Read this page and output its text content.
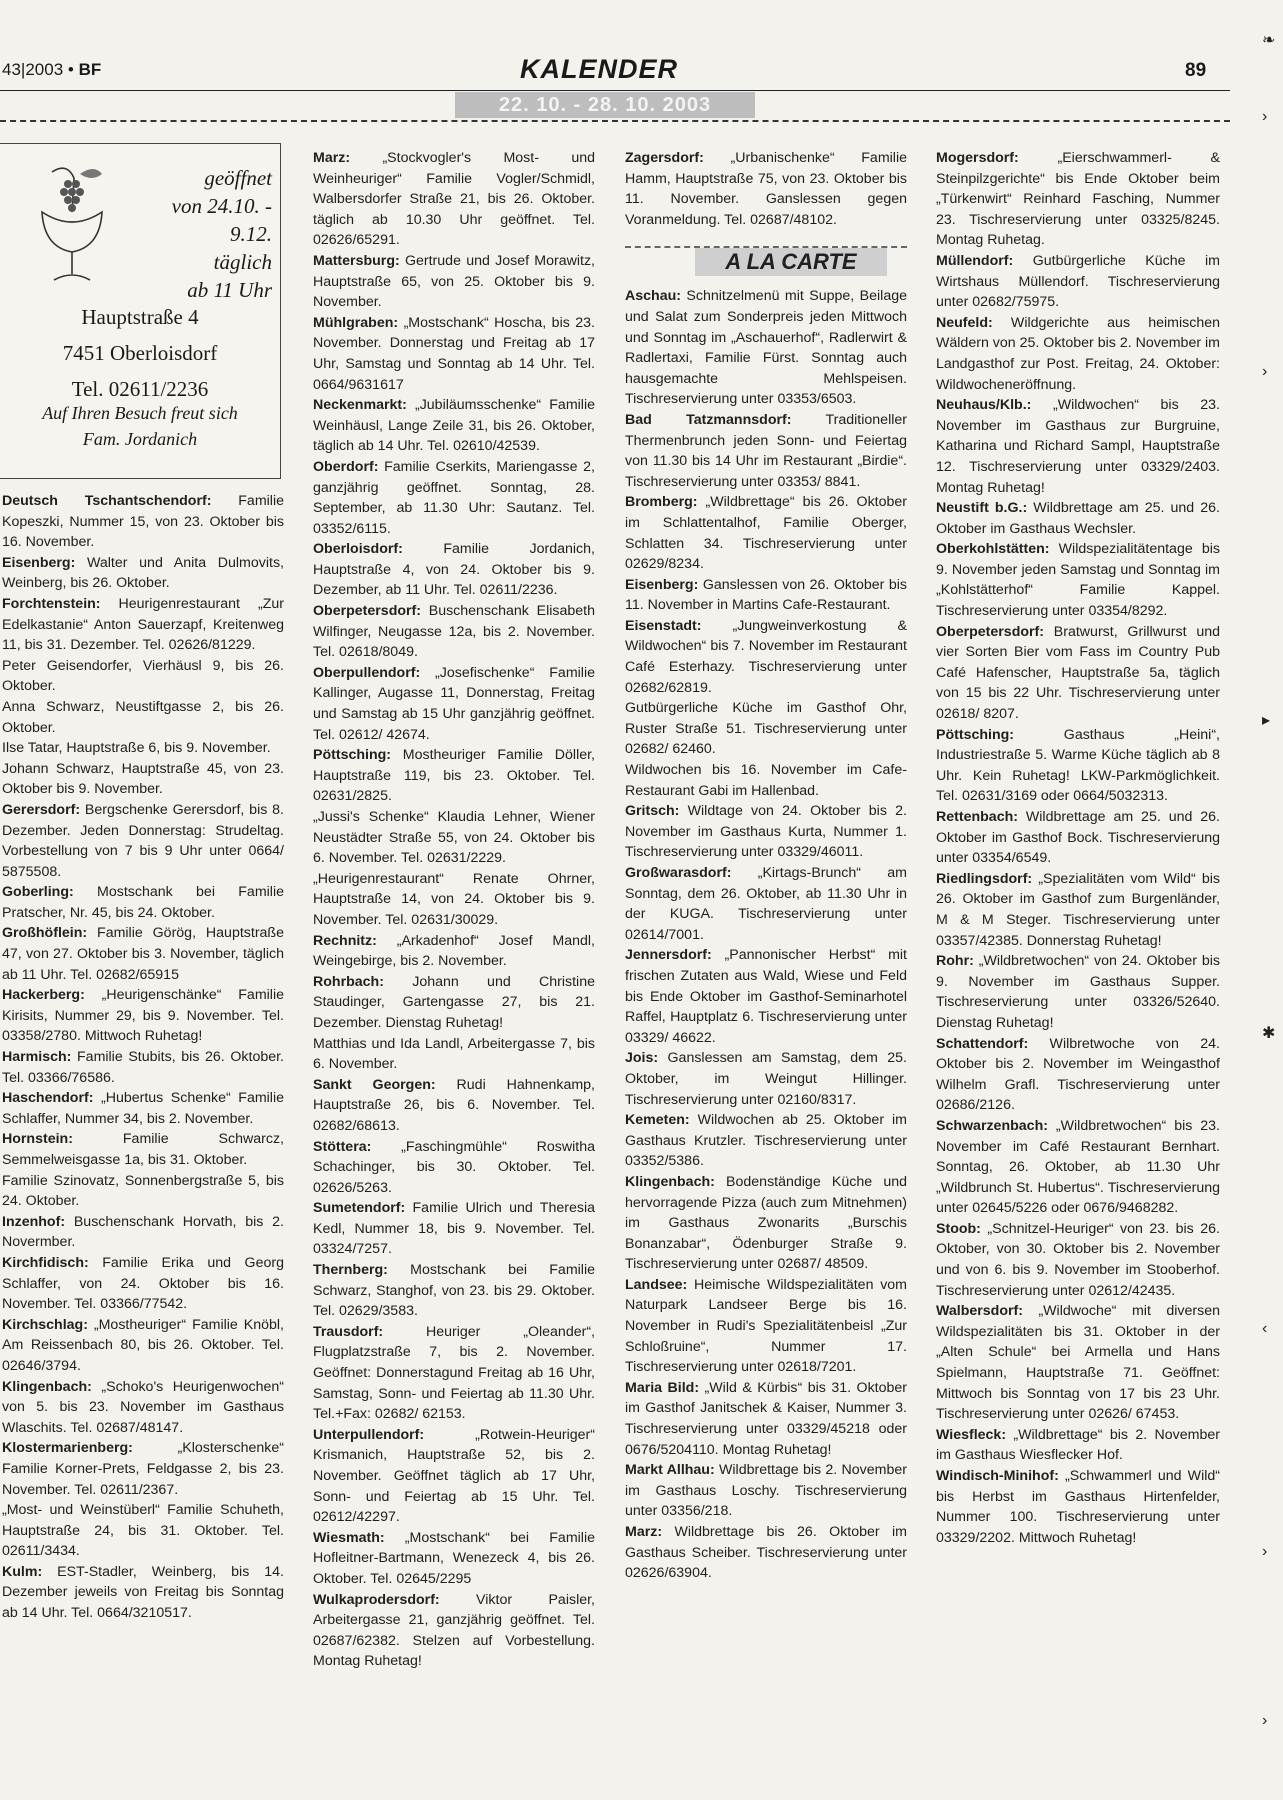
43|2003 • BF	KALENDER	89
22. 10. - 28. 10. 2003
geöffnet
von 24.10. -
9.12.
täglich
ab 11 Uhr
Hauptstraße 4
7451 Oberloisdorf
Tel. 02611/2236
Auf Ihren Besuch freut sich
Fam. Jordanich
Deutsch Tschantschendorf: Familie Kopeszki, Nummer 15, von 23. Oktober bis 16. November.
Eisenberg: Walter und Anita Dulmovits, Weinberg, bis 26. Oktober.
Forchtenstein: Heurigenrestaurant „Zur Edelkastanie“ Anton Sauerzapf, Kreitenweg 11, bis 31. Dezember. Tel. 02626/81229.
Peter Geisendorfer, Vierhäusl 9, bis 26. Oktober.
Anna Schwarz, Neustiftgasse 2, bis 26. Oktober.
Ilse Tatar, Hauptstraße 6, bis 9. November.
Johann Schwarz, Hauptstraße 45, von 23. Oktober bis 9. November.
Gerersdorf: Bergschenke Gerersdorf, bis 8. Dezember. Jeden Donnerstag: Strudeltag. Vorbestellung von 7 bis 9 Uhr unter 0664/ 5875508.
Goberling: Mostschank bei Familie Pratscher, Nr. 45, bis 24. Oktober.
Großhöflein: Familie Görög, Hauptstraße 47, von 27. Oktober bis 3. November, täglich ab 11 Uhr. Tel. 02682/65915
Hackerberg: „Heurigenschänke“ Familie Kirisits, Nummer 29, bis 9. November. Tel. 03358/2780. Mittwoch Ruhetag!
Harmisch: Familie Stubits, bis 26. Oktober. Tel. 03366/76586.
Haschendorf: „Hubertus Schenke“ Familie Schlaffer, Nummer 34, bis 2. November.
Hornstein: Familie Schwarcz, Semmelweisgasse 1a, bis 31. Oktober.
Familie Szinovatz, Sonnenbergstraße 5, bis 24. Oktober.
Inzenhof: Buschenschank Horvath, bis 2. Novermber.
Kirchfidisch: Familie Erika und Georg Schlaffer, von 24. Oktober bis 16. November. Tel. 03366/77542.
Kirchschlag: „Mostheuriger“ Familie Knöbl, Am Reissenbach 80, bis 26. Oktober. Tel. 02646/3794.
Klingenbach: „Schoko's Heurigenwochen“ von 5. bis 23. November im Gasthaus Wlaschits. Tel. 02687/48147.
Klostermarienberg: „Klosterschenke“ Familie Korner-Prets, Feldgasse 2, bis 23. November. Tel. 02611/2367.
„Most- und Weinstüberl“ Familie Schuheth, Hauptstraße 24, bis 31. Oktober. Tel. 02611/3434.
Kulm: EST-Stadler, Weinberg, bis 14. Dezember jeweils von Freitag bis Sonntag ab 14 Uhr. Tel. 0664/3210517.
Marz: „Stockvogler's Most- und Weinheuriger“ Familie Vogler/Schmidl, Walbersdorfer Straße 21, bis 26. Oktober. täglich ab 10.30 Uhr geöffnet. Tel. 02626/65291.
Mattersburg: Gertrude und Josef Morawitz, Hauptstraße 65, von 25. Oktober bis 9. November.
Mühlgraben: „Mostschank“ Hoscha, bis 23. November. Donnerstag und Freitag ab 17 Uhr, Samstag und Sonntag ab 14 Uhr. Tel. 0664/9631617
Neckenmarkt: „Jubiläumsschenke“ Familie Weinhäusl, Lange Zeile 31, bis 26. Oktober, täglich ab 14 Uhr. Tel. 02610/42539.
Oberdorf: Familie Cserkits, Mariengasse 2, ganzjährig geöffnet. Sonntag, 28. September, ab 11.30 Uhr: Sautanz. Tel. 03352/6115.
Oberloisdorf: Familie Jordanich, Hauptstraße 4, von 24. Oktober bis 9. Dezember, ab 11 Uhr. Tel. 02611/2236.
Oberpetersdorf: Buschenschank Elisabeth Wilfinger, Neugasse 12a, bis 2. November. Tel. 02618/8049.
Oberpullendorf: „Josefischenke“ Familie Kallinger, Augasse 11, Donnerstag, Freitag und Samstag ab 15 Uhr ganzjährig geöffnet. Tel. 02612/ 42674.
Pöttsching: Mostheuriger Familie Döller, Hauptstraße 119, bis 23. Oktober. Tel. 02631/2825.
„Jussi's Schenke“ Klaudia Lehner, Wiener Neustädter Straße 55, von 24. Oktober bis 6. November. Tel. 02631/2229.
„Heurigenrestaurant“ Renate Ohrner, Hauptstraße 14, von 24. Oktober bis 9. November. Tel. 02631/30029.
Rechnitz: „Arkadenhof“ Josef Mandl, Weingebirge, bis 2. November.
Rohrbach: Johann und Christine Staudinger, Gartengasse 27, bis 21. Dezember. Dienstag Ruhetag!
Matthias und Ida Landl, Arbeitergasse 7, bis 6. November.
Sankt Georgen: Rudi Hahnenkamp, Hauptstraße 26, bis 6. November. Tel. 02682/68613.
Stöttera: „Faschingmühle“ Roswitha Schachinger, bis 30. Oktober. Tel. 02626/5263.
Sumetendorf: Familie Ulrich und Theresia Kedl, Nummer 18, bis 9. November. Tel. 03324/7257.
Thernberg: Mostschank bei Familie Schwarz, Stanghof, von 23. bis 29. Oktober. Tel. 02629/3583.
Trausdorf: Heuriger „Oleander“, Flugplatzstraße 7, bis 2. November. Geöffnet: Donnerstagund Freitag ab 16 Uhr, Samstag, Sonn- und Feiertag ab 11.30 Uhr. Tel.+Fax: 02682/ 62153.
Unterpullendorf: „Rotwein-Heuriger“ Krismanich, Hauptstraße 52, bis 2. November. Geöffnet täglich ab 17 Uhr, Sonn- und Feiertag ab 15 Uhr. Tel. 02612/42297.
Wiesmath: „Mostschank“ bei Familie Hofleitner-Bartmann, Wenezeck 4, bis 26. Oktober. Tel. 02645/2295
Wulkaprodersdorf: Viktor Paisler, Arbeitergasse 21, ganzjährig geöffnet. Tel. 02687/62382. Stelzen auf Vorbestellung. Montag Ruhetag!
Zagersdorf: „Urbanischenke“ Familie Hamm, Hauptstraße 75, von 23. Oktober bis 11. November. Ganslessen gegen Voranmeldung. Tel. 02687/48102.
A LA CARTE
Aschau: Schnitzelmenü mit Suppe, Beilage und Salat zum Sonderpreis jeden Mittwoch und Sonntag im „Aschauerhof“, Radlerwirt & Radlertaxi, Familie Fürst. Sonntag auch hausgemachte Mehlspeisen. Tischreservierung unter 03353/6503.
Bad Tatzmannsdorf: Traditioneller Thermenbrunch jeden Sonn- und Feiertag von 11.30 bis 14 Uhr im Restaurant „Birdie“. Tischreservierung unter 03353/ 8841.
Bromberg: „Wildbrettage“ bis 26. Oktober im Schlattentalhof, Familie Oberger, Schlatten 34. Tischreservierung unter 02629/8234.
Eisenberg: Ganslessen von 26. Oktober bis 11. November in Martins Cafe-Restaurant.
Eisenstadt: „Jungweinverkostung & Wildwochen“ bis 7. November im Restaurant Café Esterhazy. Tischreservierung unter 02682/62819.
Gutbürgerliche Küche im Gasthof Ohr, Ruster Straße 51. Tischreservierung unter 02682/ 62460.
Wildwochen bis 16. November im Cafe-Restaurant Gabi im Hallenbad.
Gritsch: Wildtage von 24. Oktober bis 2. November im Gasthaus Kurta, Nummer 1. Tischreservierung unter 03329/46011.
Großwarasdorf: „Kirtags-Brunch“ am Sonntag, dem 26. Oktober, ab 11.30 Uhr in der KUGA. Tischreservierung unter 02614/7001.
Jennersdorf: „Pannonischer Herbst“ mit frischen Zutaten aus Wald, Wiese und Feld bis Ende Oktober im Gasthof-Seminarhotel Raffel, Hauptplatz 6. Tischreservierung unter 03329/ 46622.
Jois: Ganslessen am Samstag, dem 25. Oktober, im Weingut Hillinger. Tischreservierung unter 02160/8317.
Kemeten: Wildwochen ab 25. Oktober im Gasthaus Krutzler. Tischreservierung unter 03352/5386.
Klingenbach: Bodenständige Küche und hervorragende Pizza (auch zum Mitnehmen) im Gasthaus Zwonarits „Burschis Bonanzabar“, Ödenburger Straße 9. Tischreservierung unter 02687/ 48509.
Landsee: Heimische Wildspezialitäten vom Naturpark Landseer Berge bis 16. November in Rudi's Spezialitätenbeisl „Zur Schloßruine“, Nummer 17. Tischreservierung unter 02618/7201.
Maria Bild: „Wild & Kürbis“ bis 31. Oktober im Gasthof Janitschek & Kaiser, Nummer 3. Tischreservierung unter 03329/45218 oder 0676/5204110. Montag Ruhetag!
Markt Allhau: Wildbrettage bis 2. November im Gasthaus Loschy. Tischreservierung unter 03356/218.
Marz: Wildbrettage bis 26. Oktober im Gasthaus Scheiber. Tischreservierung unter 02626/63904.
Mogersdorf: „Eierschwammerl- & Steinpilzgerichte“ bis Ende Oktober beim „Türkenwirt“ Reinhard Fasching, Nummer 23. Tischreservierung unter 03325/8245. Montag Ruhetag.
Müllendorf: Gutbürgerliche Küche im Wirtshaus Müllendorf. Tischreservierung unter 02682/75975.
Neufeld: Wildgerichte aus heimischen Wäldern von 25. Oktober bis 2. November im Landgasthof zur Post. Freitag, 24. Oktober: Wildwocheneröffnung.
Neuhaus/Klb.: „Wildwochen“ bis 23. November im Gasthaus zur Burgruine, Katharina und Richard Sampl, Hauptstraße 12. Tischreservierung unter 03329/2403. Montag Ruhetag!
Neustift b.G.: Wildbrettage am 25. und 26. Oktober im Gasthaus Wechsler.
Oberkohlstätten: Wildspezialitätentage bis 9. November jeden Samstag und Sonntag im „Kohlstätterhof“ Familie Kappel. Tischreservierung unter 03354/8292.
Oberpetersdorf: Bratwurst, Grillwurst und vier Sorten Bier vom Fass im Country Pub Café Hafenscher, Hauptstraße 5a, täglich von 15 bis 22 Uhr. Tischreservierung unter 02618/ 8207.
Pöttsching: Gasthaus „Heini“, Industriestraße 5. Warme Küche täglich ab 8 Uhr. Kein Ruhetag! LKW-Parkmöglichkeit. Tel. 02631/3169 oder 0664/5032313.
Rettenbach: Wildbrettage am 25. und 26. Oktober im Gasthof Bock. Tischreservierung unter 03354/6549.
Riedlingsdorf: „Spezialitäten vom Wild“ bis 26. Oktober im Gasthof zum Burgenländer, M & M Steger. Tischreservierung unter 03357/42385. Donnerstag Ruhetag!
Rohr: „Wildbretwochen“ von 24. Oktober bis 9. November im Gasthaus Supper. Tischreservierung unter 03326/52640. Dienstag Ruhetag!
Schattendorf: Wilbretwoche von 24. Oktober bis 2. November im Weingasthof Wilhelm Grafl. Tischreservierung unter 02686/2126.
Schwarzenbach: „Wildbretwochen“ bis 23. November im Café Restaurant Bernhart. Sonntag, 26. Oktober, ab 11.30 Uhr „Wildbrunch St. Hubertus“. Tischreservierung unter 02645/5226 oder 0676/9468282.
Stoob: „Schnitzel-Heuriger“ von 23. bis 26. Oktober, von 30. Oktober bis 2. November und von 6. bis 9. November im Stooberhof. Tischreservierung unter 02612/42435.
Walbersdorf: „Wildwoche“ mit diversen Wildspezialitäten bis 31. Oktober in der „Alten Schule“ bei Armella und Hans Spielmann, Hauptstraße 71. Geöffnet: Mittwoch bis Sonntag von 17 bis 23 Uhr. Tischreservierung unter 02626/ 67453.
Wiesfleck: „Wildbrettage“ bis 2. November im Gasthaus Wiesflecker Hof.
Windisch-Minihof: „Schwammerl und Wild“ bis Herbst im Gasthaus Hirtenfelder, Nummer 100. Tischreservierung unter 03329/2202. Mittwoch Ruhetag!
❧
›
›
▸
✱
‹
›
›
